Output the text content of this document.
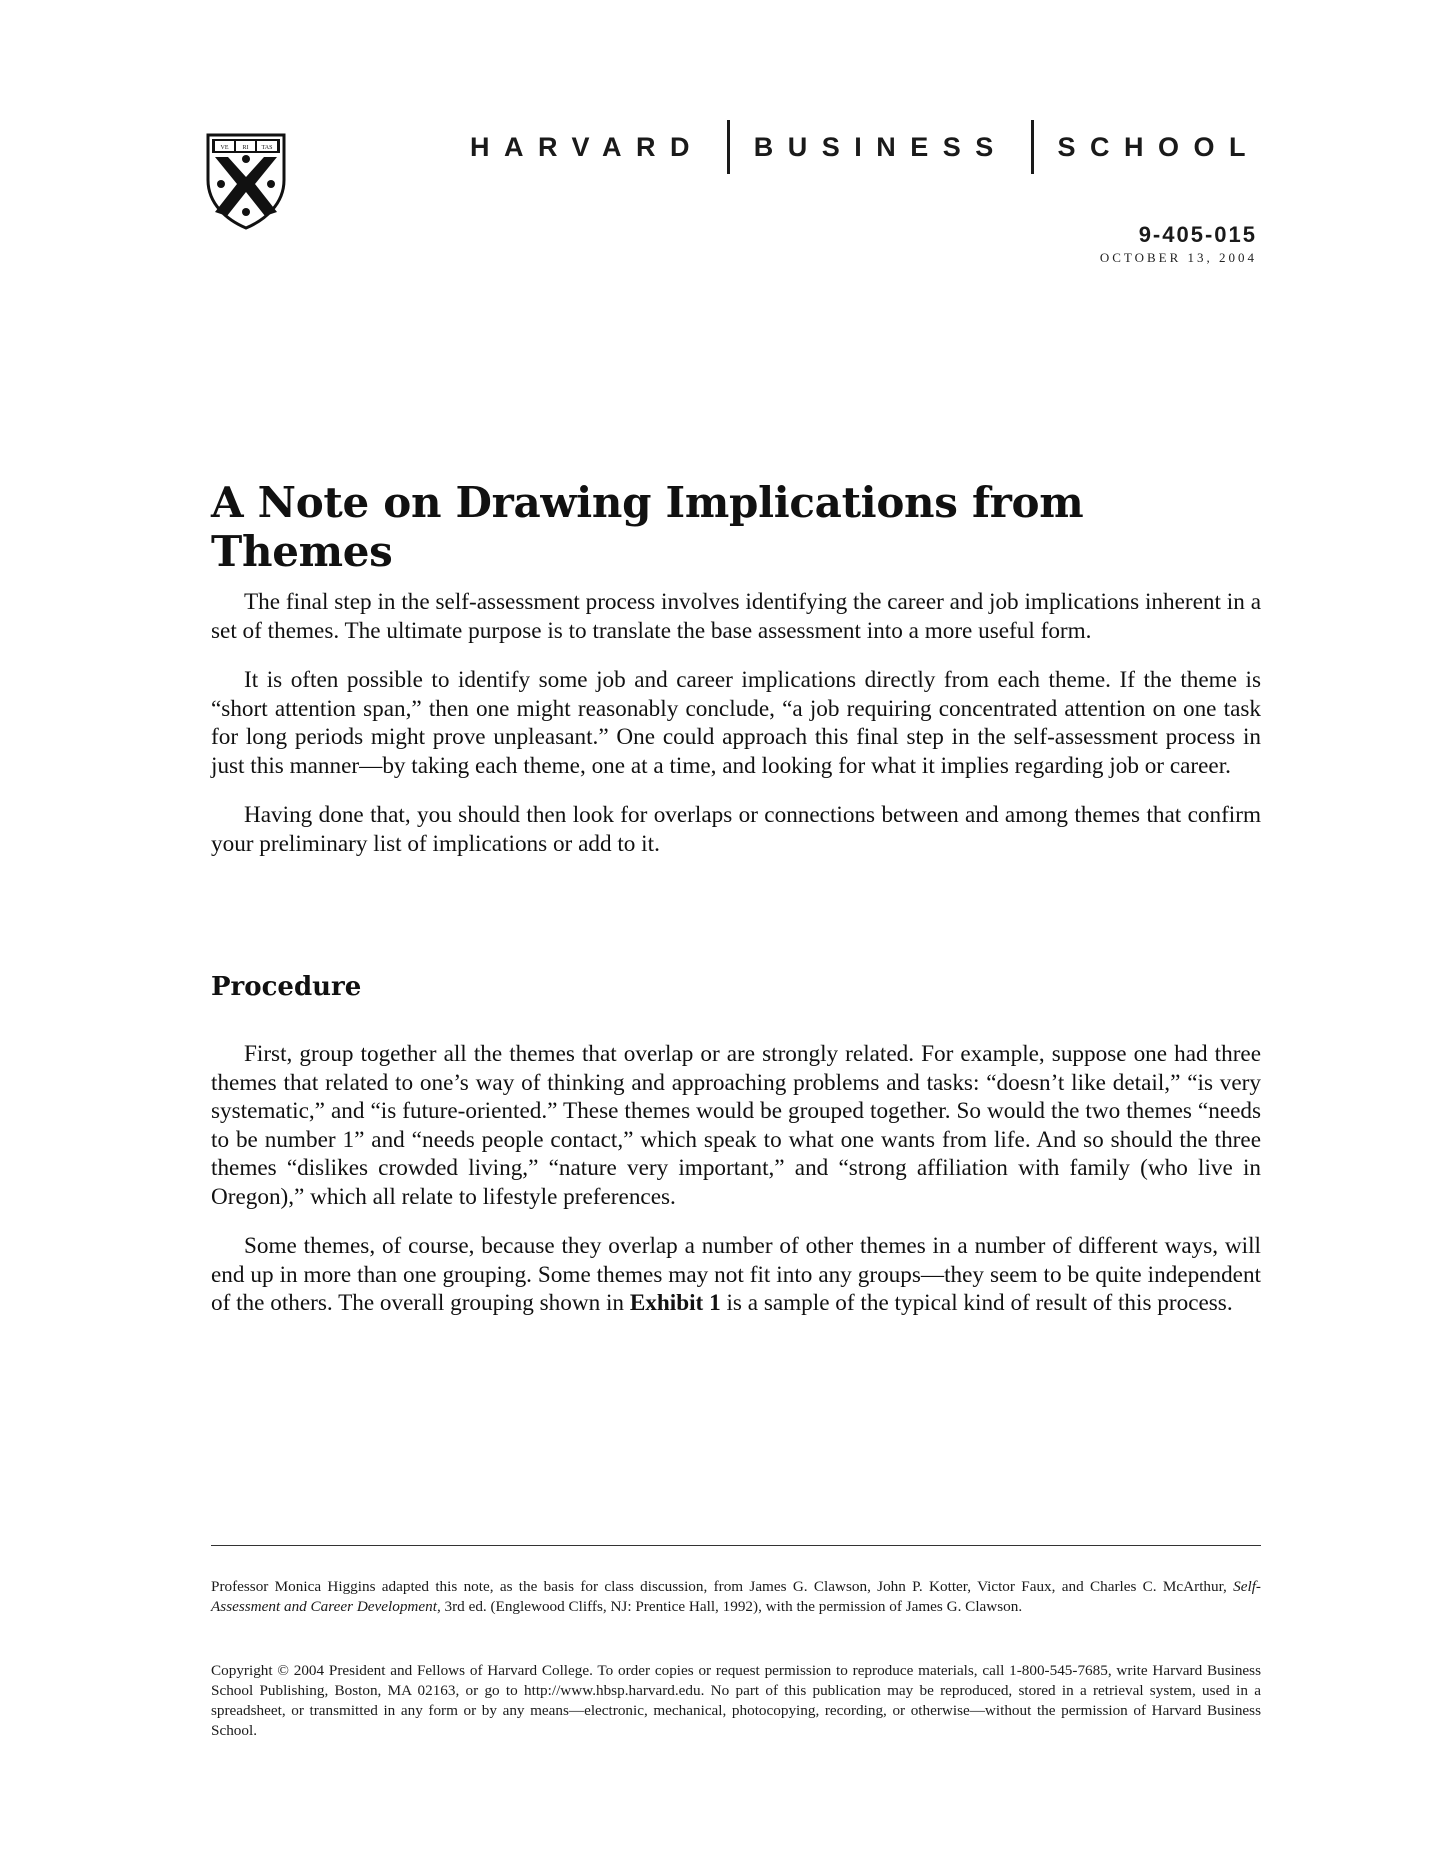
VE RI TAS	HARVARD BUSINESS SCHOOL
9-405-015
OCTOBER 13, 2004
A Note on Drawing Implications from Themes

The final step in the self-assessment process involves identifying the career and job implications inherent in a set of themes. The ultimate purpose is to translate the base assessment into a more useful form.

It is often possible to identify some job and career implications directly from each theme. If the theme is “short attention span,” then one might reasonably conclude, “a job requiring concentrated attention on one task for long periods might prove unpleasant.” One could approach this final step in the self-assessment process in just this manner—by taking each theme, one at a time, and looking for what it implies regarding job or career.

Having done that, you should then look for overlaps or connections between and among themes that confirm your preliminary list of implications or add to it.

Procedure

First, group together all the themes that overlap or are strongly related. For example, suppose one had three themes that related to one’s way of thinking and approaching problems and tasks: “doesn’t like detail,” “is very systematic,” and “is future-oriented.” These themes would be grouped together. So would the two themes “needs to be number 1” and “needs people contact,” which speak to what one wants from life. And so should the three themes “dislikes crowded living,” “nature very important,” and “strong affiliation with family (who live in Oregon),” which all relate to lifestyle preferences.

Some themes, of course, because they overlap a number of other themes in a number of different ways, will end up in more than one grouping. Some themes may not fit into any groups—they seem to be quite independent of the others. The overall grouping shown in Exhibit 1 is a sample of the typical kind of result of this process.

Professor Monica Higgins adapted this note, as the basis for class discussion, from James G. Clawson, John P. Kotter, Victor Faux, and Charles C. McArthur, Self-Assessment and Career Development, 3rd ed. (Englewood Cliffs, NJ: Prentice Hall, 1992), with the permission of James G. Clawson.

Copyright © 2004 President and Fellows of Harvard College. To order copies or request permission to reproduce materials, call 1-800-545-7685, write Harvard Business School Publishing, Boston, MA 02163, or go to http://www.hbsp.harvard.edu. No part of this publication may be reproduced, stored in a retrieval system, used in a spreadsheet, or transmitted in any form or by any means—electronic, mechanical, photocopying, recording, or otherwise—without the permission of Harvard Business School.
